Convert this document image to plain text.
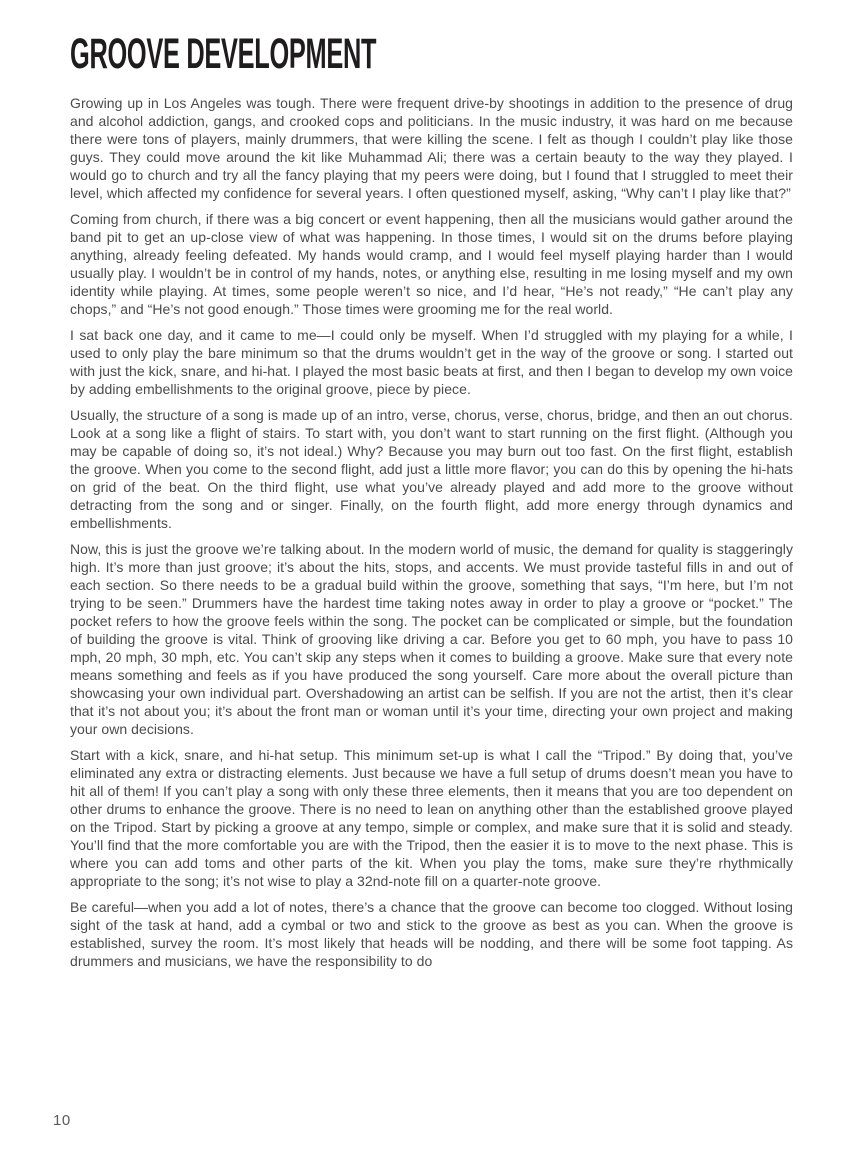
GROOVE DEVELOPMENT

Growing up in Los Angeles was tough. There were frequent drive-by shootings in addition to the presence of drug and alcohol addiction, gangs, and crooked cops and politicians. In the music industry, it was hard on me because there were tons of players, mainly drummers, that were killing the scene. I felt as though I couldn’t play like those guys. They could move around the kit like Muhammad Ali; there was a certain beauty to the way they played. I would go to church and try all the fancy playing that my peers were doing, but I found that I struggled to meet their level, which affected my confidence for several years. I often questioned myself, asking, “Why can’t I play like that?”

Coming from church, if there was a big concert or event happening, then all the musicians would gather around the band pit to get an up-close view of what was happening. In those times, I would sit on the drums before playing anything, already feeling defeated. My hands would cramp, and I would feel myself playing harder than I would usually play. I wouldn’t be in control of my hands, notes, or anything else, resulting in me losing myself and my own identity while playing. At times, some people weren’t so nice, and I’d hear, “He’s not ready,” “He can’t play any chops,” and “He’s not good enough.” Those times were grooming me for the real world.

I sat back one day, and it came to me—I could only be myself. When I’d struggled with my playing for a while, I used to only play the bare minimum so that the drums wouldn’t get in the way of the groove or song. I started out with just the kick, snare, and hi-hat. I played the most basic beats at first, and then I began to develop my own voice by adding embellishments to the original groove, piece by piece.

Usually, the structure of a song is made up of an intro, verse, chorus, verse, chorus, bridge, and then an out chorus. Look at a song like a flight of stairs. To start with, you don’t want to start running on the first flight. (Although you may be capable of doing so, it’s not ideal.) Why? Because you may burn out too fast. On the first flight, establish the groove. When you come to the second flight, add just a little more flavor; you can do this by opening the hi-hats on grid of the beat. On the third flight, use what you’ve already played and add more to the groove without detracting from the song and or singer. Finally, on the fourth flight, add more energy through dynamics and embellishments.

Now, this is just the groove we’re talking about. In the modern world of music, the demand for quality is staggeringly high. It’s more than just groove; it’s about the hits, stops, and accents. We must provide tasteful fills in and out of each section. So there needs to be a gradual build within the groove, something that says, “I’m here, but I’m not trying to be seen.” Drummers have the hardest time taking notes away in order to play a groove or “pocket.” The pocket refers to how the groove feels within the song. The pocket can be complicated or simple, but the foundation of building the groove is vital. Think of grooving like driving a car. Before you get to 60 mph, you have to pass 10 mph, 20 mph, 30 mph, etc. You can’t skip any steps when it comes to building a groove. Make sure that every note means something and feels as if you have produced the song yourself. Care more about the overall picture than showcasing your own individual part. Overshadowing an artist can be selfish. If you are not the artist, then it’s clear that it’s not about you; it’s about the front man or woman until it’s your time, directing your own project and making your own decisions.

Start with a kick, snare, and hi-hat setup. This minimum set-up is what I call the “Tripod.” By doing that, you’ve eliminated any extra or distracting elements. Just because we have a full setup of drums doesn’t mean you have to hit all of them! If you can’t play a song with only these three elements, then it means that you are too dependent on other drums to enhance the groove. There is no need to lean on anything other than the established groove played on the Tripod. Start by picking a groove at any tempo, simple or complex, and make sure that it is solid and steady. You’ll find that the more comfortable you are with the Tripod, then the easier it is to move to the next phase. This is where you can add toms and other parts of the kit. When you play the toms, make sure they’re rhythmically appropriate to the song; it’s not wise to play a 32nd-note fill on a quarter-note groove.

Be careful—when you add a lot of notes, there’s a chance that the groove can become too clogged. Without losing sight of the task at hand, add a cymbal or two and stick to the groove as best as you can. When the groove is established, survey the room. It’s most likely that heads will be nodding, and there will be some foot tapping. As drummers and musicians, we have the responsibility to do

10
